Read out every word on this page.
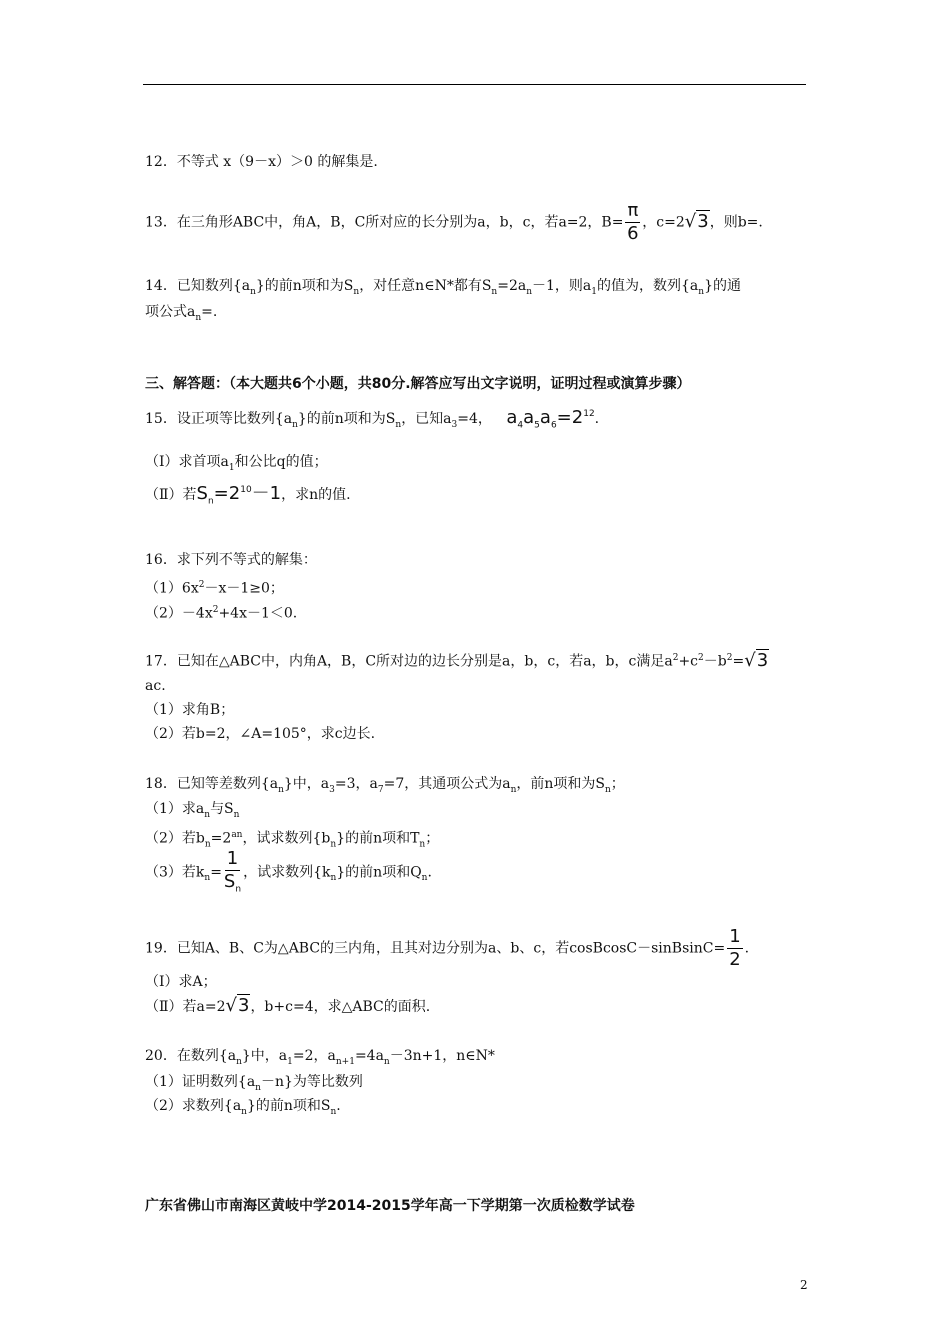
12．不等式 x（9－x）＞0 的解集是.
13．在三角形ABC中，角A，B，C所对应的长分别为a，b，c，若a=2，$B= \frac{\pi}{6}$ ，c=2√3，则b=.
14．已知数列$\{a_n\}$的前n项和为$S_n$，对任意n∈N*都有$S_n=2a_n-1$，则$a_1$的值为，数列$\{a_n\}$的通
项公式$a_n=$.
三、解答题：（本大题共6个小题，共80分.解答应写出文字说明，证明过程或演算步骤）
15．设正项等比数列$\{a_n\}$的前n项和为$S_n$，已知$a_3=4$， $a_4a_5a_6=2^{12}$.
（Ⅰ）求首项$a_1$和公比q的值；
（Ⅱ）若$S_n=2^{10}-1$，求n的值.
16．求下列不等式的解集：
$(1)6x^2-x-1\ge 0$；
$(2)-4x^2+4x-1<0$.
17．已知在△ABC中，内角A，B，C所对边的边长分别是a，b，c，若a，b，c满足$a^2+c^2-b^2=√3$
ac.
（1）求角B；
（2）若b=2，∠A=105°，求c边长.
18．已知等差数列$\{a_n\}$中，$a_3=3$，$a_7=7$，其通项公式为$a_n$，前n项和为$S_n$；
（1）求$a_n$与$S_n$
（2）若$b_n=2^{an}$，试求数列$\{b_n\}$的前n项和$T_n$；
（3）若$k_n= \frac{1}{S_n}$ ，试求数列$\{k_n\}$的前n项和$Q_n$.
19．已知A、B、C为△ABC的三内角，且其对边分别为a、b、c，若cosBcosC－sinBsinC= $\frac{1}{2}$ .
（Ⅰ）求A；
（Ⅱ）若a=2√3，b+c=4，求△ABC的面积.
20．在数列$\{a_n\}$中，$a_1=2$，$a_{n+1}=4a_n-3n+1$，n∈N*
（1）证明数列$\{a_n-n\}$为等比数列
（2）求数列$\{a_n\}$的前n项和$S_n$.
广东省佛山市南海区黄岐中学2014-2015学年高一下学期第一次质检数学试卷
2
